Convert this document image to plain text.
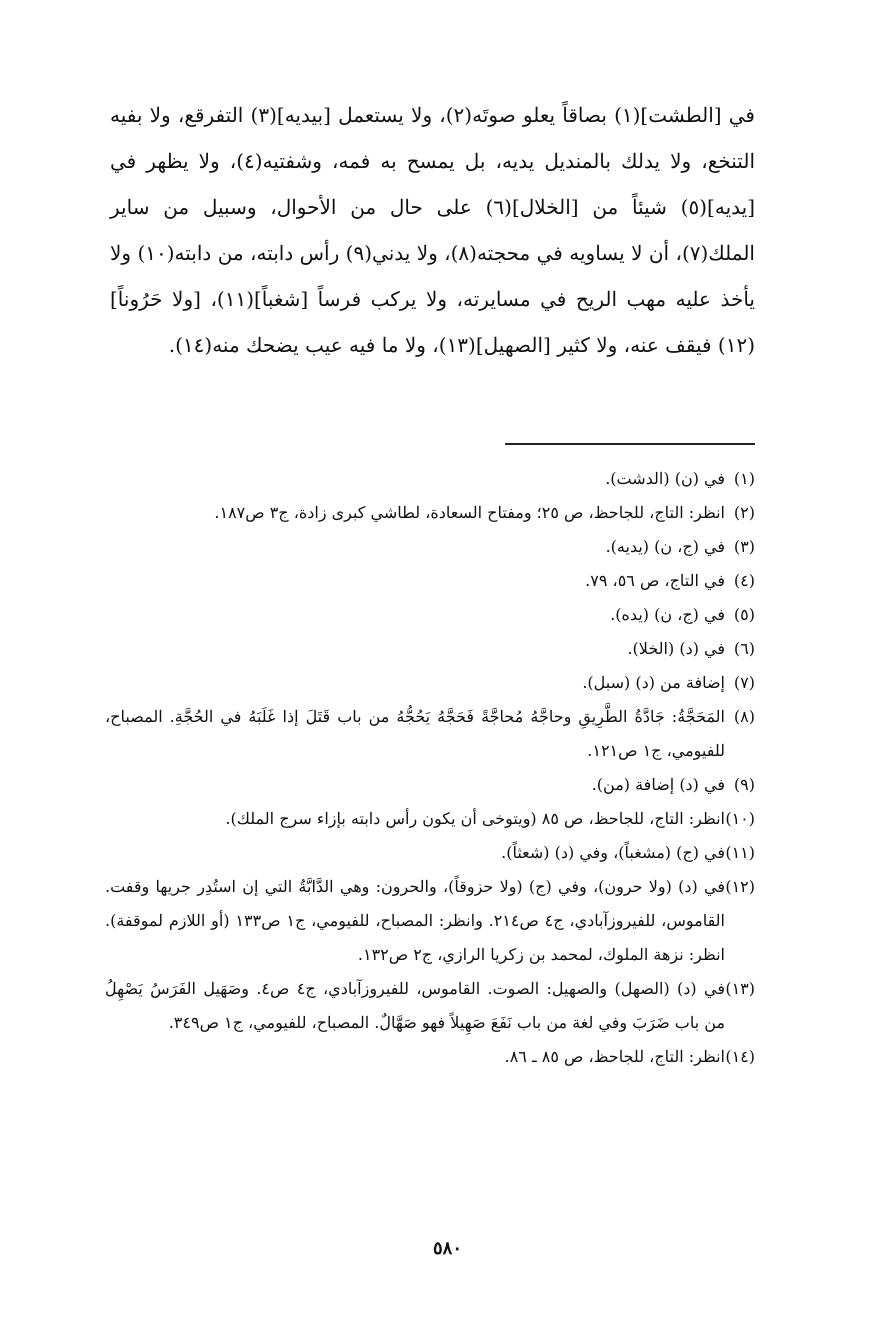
في [الطشت](١) بصاقاً يعلو صوتَه(٢)، ولا يستعمل [بيديه](٣) التفرقع، ولا بفيه التنخع، ولا يدلك بالمنديل يديه، بل يمسح به فمه، وشفتيه(٤)، ولا يظهر في [يديه](٥) شيئاً من [الخلال](٦) على حال من الأحوال، وسبيل من ساير الملك(٧)، أن لا يساويه في محجته(٨)، ولا يدني(٩) رأس دابته، من دابته(١٠) ولا يأخذ عليه مهب الريح في مسايرته، ولا يركب فرساً [شغباً](١١)، [ولا حَرُوناً](١٢) فيقف عنه، ولا كثير [الصهيل](١٣)، ولا ما فيه عيب يضحك منه(١٤).

(١)
في (ن) (الدشت).
(٢)
انظر: التاج، للجاحظ، ص ٢٥؛ ومفتاح السعادة، لطاشي كبرى زادة، ج٣ ص١٨٧.
(٣)
في (ج، ن) (يديه).
(٤)
في التاج، ص ٥٦، ٧٩.
(٥)
في (ج، ن) (يده).
(٦)
في (د) (الخلا).
(٧)
إضافة من (د) (سبل).
(٨)
المَحَجَّةُ: جَادَّةُ الطَّرِيقِ وحاجَّهُ مُحاجَّةً فَحَجَّهُ يَحُجُّهُ من باب قَتَلَ إذا غَلَبَهُ في الحُجَّةِ. المصباح، للفيومي، ج١ ص١٢١.
(٩)
في (د) إضافة (من).
(١٠)
انظر: التاج، للجاحظ، ص ٨٥ (ويتوخى أن يكون رأس دابته بإزاء سرج الملك).
(١١)
في (ج) (مشغباً)، وفي (د) (شعثاً).
(١٢)
في (د) (ولا حرون)، وفي (ج) (ولا حزوقاً)، والحرون: وهي الدَّابَّةُ التي إن استُدِر جريها وقفت. القاموس، للفيروزآبادي، ج٤ ص٢١٤. وانظر: المصباح، للفيومي، ج١ ص١٣٣ (أو اللازم لموقفة). انظر: نزهة الملوك، لمحمد بن زكريا الرازي، ج٢ ص١٣٢.
(١٣)
في (د) (الصهل) والصهيل: الصوت. القاموس، للفيروزآبادي، ج٤ ص٤. وصَهَيل الفَرَسُ يَصْهِلُ من باب ضَرَبَ وفي لغة من باب نَفَعَ صَهِيلاً فهو صَهَّالٌ. المصباح، للفيومي، ج١ ص٣٤٩.
(١٤)
انظر: التاج، للجاحظ، ص ٨٥ ـ ٨٦.
٥٨٠
